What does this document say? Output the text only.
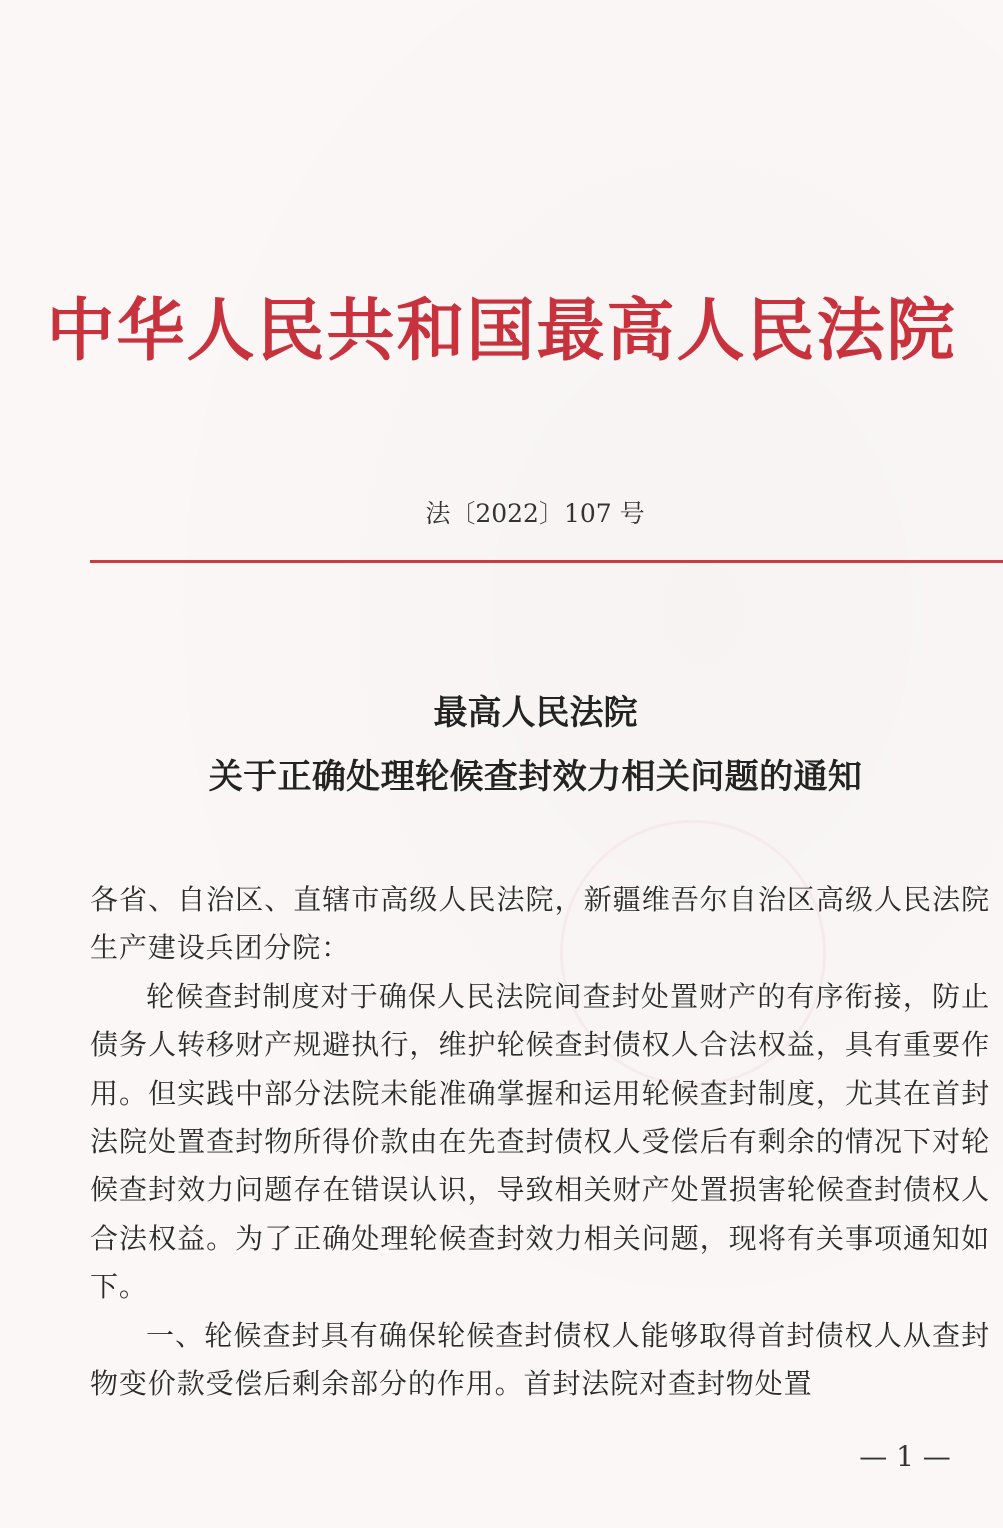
中华人民共和国最高人民法院
法〔2022〕107 号
最高人民法院
关于正确处理轮候查封效力相关问题的通知

各省、自治区、直辖市高级人民法院，新疆维吾尔自治区高级人民法院生产建设兵团分院：

轮候查封制度对于确保人民法院间查封处置财产的有序衔接，防止债务人转移财产规避执行，维护轮候查封债权人合法权益，具有重要作用。但实践中部分法院未能准确掌握和运用轮候查封制度，尤其在首封法院处置查封物所得价款由在先查封债权人受偿后有剩余的情况下对轮候查封效力问题存在错误认识，导致相关财产处置损害轮候查封债权人合法权益。为了正确处理轮候查封效力相关问题，现将有关事项通知如下。

一、轮候查封具有确保轮候查封债权人能够取得首封债权人从查封物变价款受偿后剩余部分的作用。首封法院对查封物处置

— 1 —
